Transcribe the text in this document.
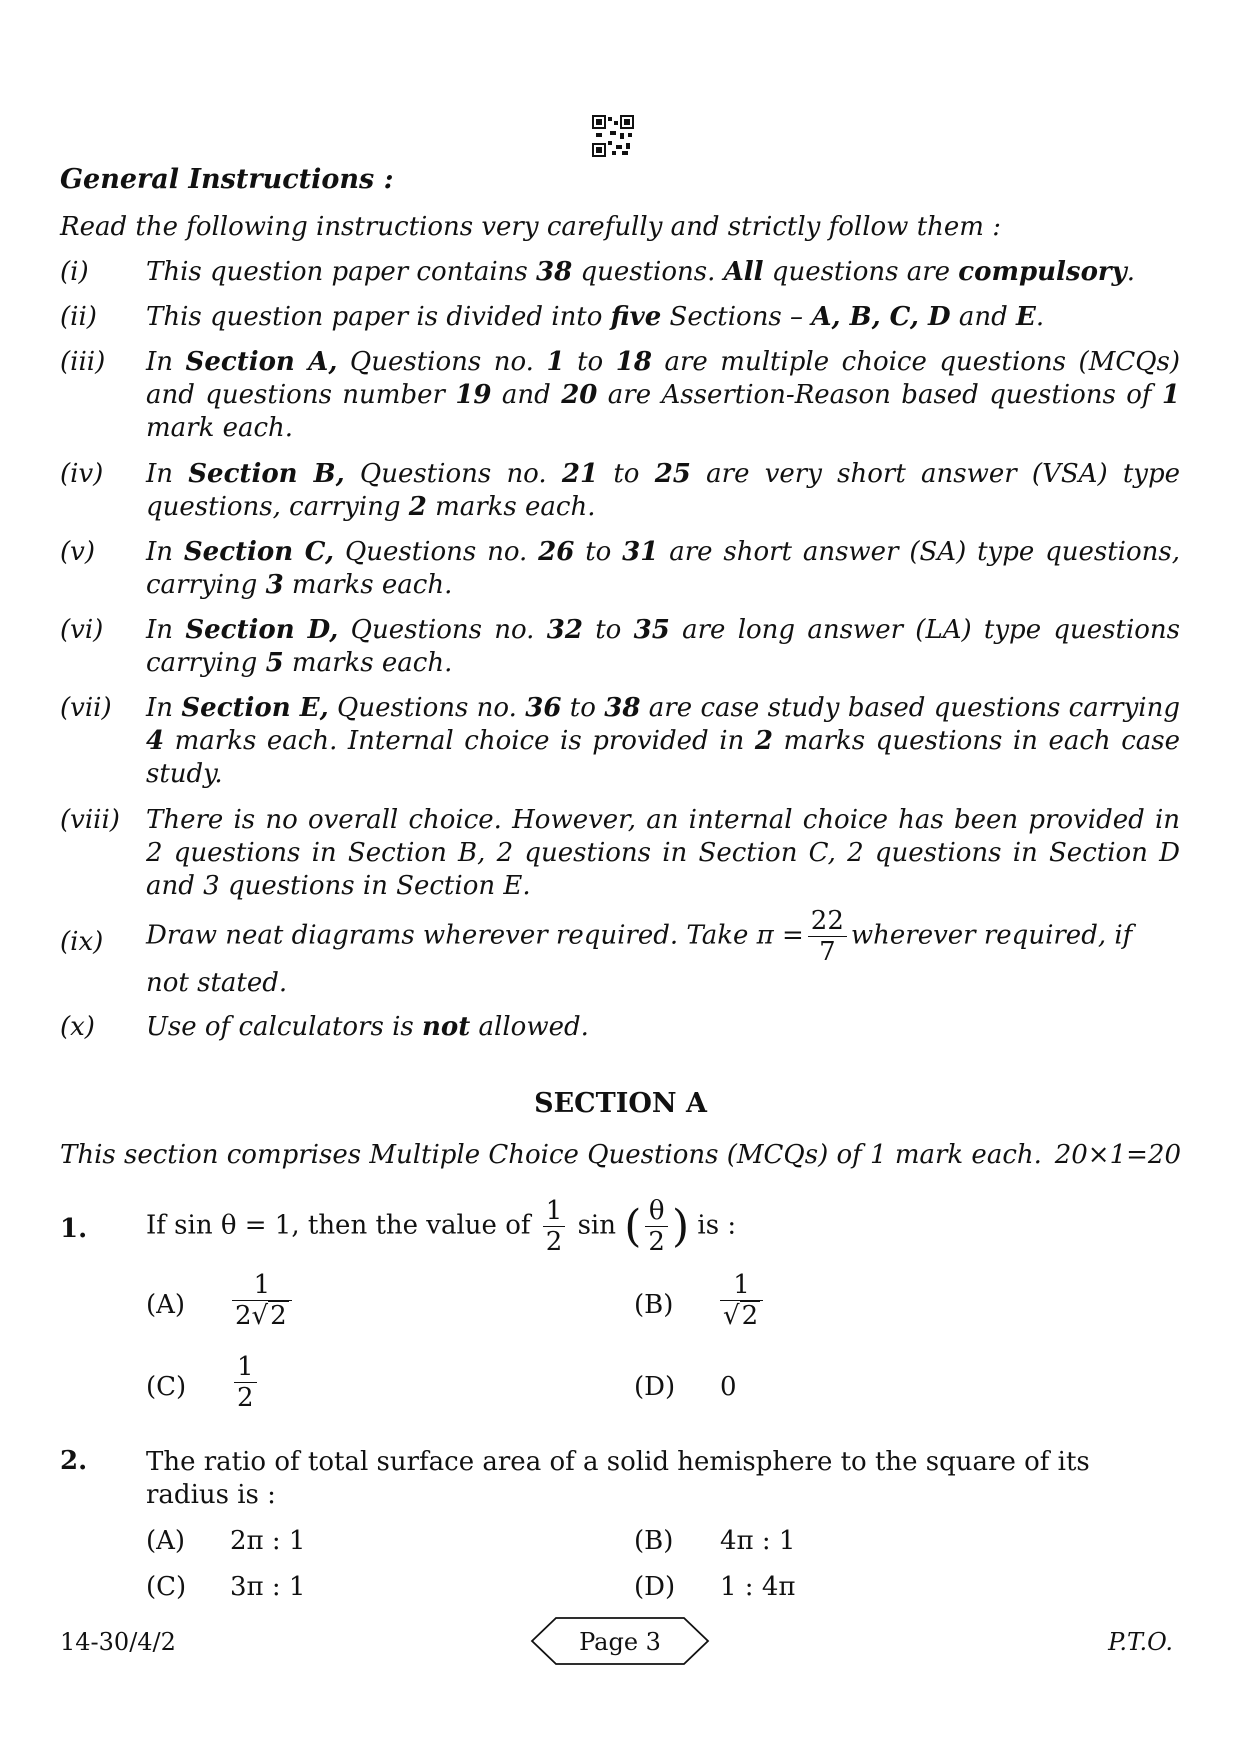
General Instructions :
Read the following instructions very carefully and strictly follow them :
(i) This question paper contains 38 questions. All questions are compulsory.
(ii) This question paper is divided into five Sections – A, B, C, D and E.
(iii) In Section A, Questions no. 1 to 18 are multiple choice questions (MCQs) and questions number 19 and 20 are Assertion-Reason based questions of 1 mark each.
(iv) In Section B, Questions no. 21 to 25 are very short answer (VSA) type questions, carrying 2 marks each.
(v) In Section C, Questions no. 26 to 31 are short answer (SA) type questions, carrying 3 marks each.
(vi) In Section D, Questions no. 32 to 35 are long answer (LA) type questions carrying 5 marks each.
(vii) In Section E, Questions no. 36 to 38 are case study based questions carrying 4 marks each. Internal choice is provided in 2 marks questions in each case study.
(viii) There is no overall choice. However, an internal choice has been provided in 2 questions in Section B, 2 questions in Section C, 2 questions in Section D and 3 questions in Section E.
(ix) Draw neat diagrams wherever required. Take $\pi = \frac{22}{7}$ wherever required, if not stated.
(x) Use of calculators is not allowed.
SECTION A
This section comprises Multiple Choice Questions (MCQs) of 1 mark each. 20×1=20
1. If sin θ = 1, then the value of $\frac{1}{2}$ sin ( $\frac{\theta}{2}$ ) is :
$(A) \frac{1}{2√2}$	$(B) \frac{1}{√2}$
$(C) \frac{1}{2}$	(D) 0
2. The ratio of total surface area of a solid hemisphere to the square of its radius is :
(A) 2π : 1	(B) 4π : 1
(C) 3π : 1	(D) 1 : 4π
14-30/4/2	Page 3	P.T.O.
